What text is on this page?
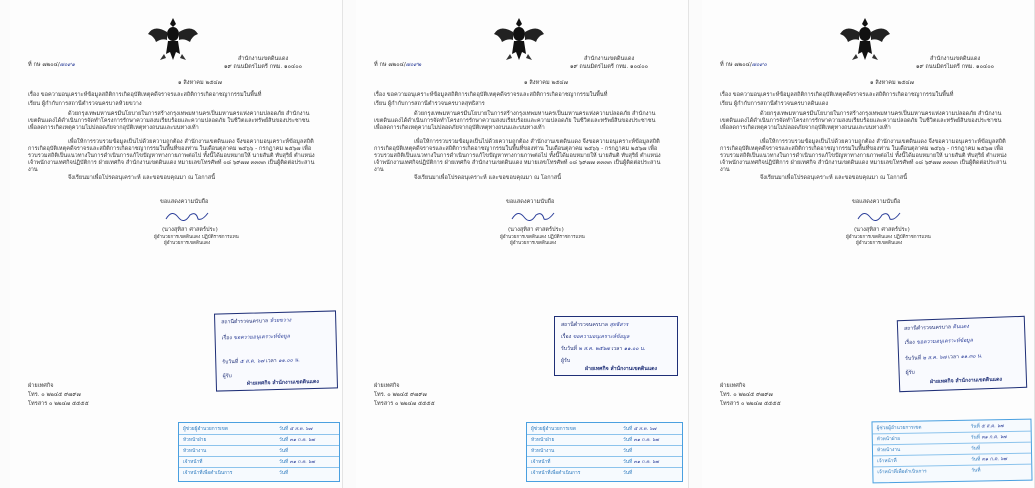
ที่ กษ ๗๒๐๔/๗๐๙๑
สำนักงานเขตดินแดง
๑๙ ถนนมิตรไมตรี กทม. ๑๐๔๐๐
๑ สิงหาคม ๒๕๔๗
เรื่อง ขอความอนุเคราะห์ข้อมูลสถิติการเกิดอุบัติเหตุคดีจราจรและสถิติการเกิดอาชญากรรมในพื้นที่
เรียน ผู้กำกับการสถานีตำรวจนครบาลห้วยขวาง
ด้วยกรุงเทพมหานครมีนโยบายในการสร้างกรุงเทพมหานครเป็นมหานครแห่งความปลอดภัย สำนักงานเขตดินแดงได้ดำเนินการจัดทำโครงการรักษาความสงบเรียบร้อยและความปลอดภัย ในชีวิตและทรัพย์สินของประชาชน เพื่อลดการเกิดเหตุความไม่ปลอดภัยจากอุบัติเหตุทางถนนและบนทางเท้า
เพื่อให้การรวบรวมข้อมูลเป็นไปด้วยความถูกต้อง สำนักงานเขตดินแดง จึงขอความอนุเคราะห์ข้อมูลสถิติการเกิดอุบัติเหตุคดีจราจรและสถิติการเกิดอาชญากรรมในพื้นที่ของท่าน ในเดือนตุลาคม ๒๕๖๖ - กรกฎาคม ๒๕๖๗ เพื่อรวบรวมสถิติเป็นแนวทางในการดำเนินการแก้ไขปัญหาทางกายภาพต่อไป ทั้งนี้ได้มอบหมายให้ นายสันติ ทับสุริย์ ตำแหน่งเจ้าพนักงานเทศกิจปฏิบัติการ ฝ่ายเทศกิจ สำนักงานเขตดินแดง หมายเลขโทรศัพท์ ๐๘ ๖๙๗๗ ๓๓๓๓ เป็นผู้ติดต่อประสานงาน
จึงเรียนมาเพื่อโปรดอนุเคราะห์ และขอขอบคุณมา ณ โอกาสนี้
ขอแสดงความนับถือ
(นางสุทิสา ศาสตร์ประ)
ผู้อำนวยการเขตดินแดง ปฏิบัติราชการแทน
ผู้อำนวยการเขตดินแดง
สถานีตำรวจนครบาล ห้วยขวาง
เรื่อง ขอความอนุเคราะห์ข้อมูล
รับวันที่ ๕ ส.ค. ๖๗ เวลา ๑๑.๐๐ น.
ผู้รับ
ฝ่ายเทศกิจ สำนักงานเขตดินแดง
ฝ่ายเทศกิจ
โทร. ๐ ๒๒๔๕ ๙๗๙๗
โทรสาร ๐ ๒๒๔๗ ๕๕๕๕
ผู้ช่วยผู้อำนวยการเขต	วันที่ ๕ ส.ค. ๖๗
หัวหน้าฝ่าย	วันที่ ๓๑ ก.ค. ๖๗
หัวหน้างาน	วันที่
เจ้าหน้าที่	วันที่ ๓๑ ก.ค. ๖๗
เจ้าหน้าที่เพื่อดำเนินการ	วันที่
ที่ กษ ๗๒๐๔/๗๐๙๒
สำนักงานเขตดินแดง
๑๙ ถนนมิตรไมตรี กทม. ๑๐๔๐๐
๑ สิงหาคม ๒๕๔๗
เรื่อง ขอความอนุเคราะห์ข้อมูลสถิติการเกิดอุบัติเหตุคดีจราจรและสถิติการเกิดอาชญากรรมในพื้นที่
เรียน ผู้กำกับการสถานีตำรวจนครบาลสุทธิสาร
ด้วยกรุงเทพมหานครมีนโยบายในการสร้างกรุงเทพมหานครเป็นมหานครแห่งความปลอดภัย สำนักงานเขตดินแดงได้ดำเนินการจัดทำโครงการรักษาความสงบเรียบร้อยและความปลอดภัย ในชีวิตและทรัพย์สินของประชาชน เพื่อลดการเกิดเหตุความไม่ปลอดภัยจากอุบัติเหตุทางถนนและบนทางเท้า
เพื่อให้การรวบรวมข้อมูลเป็นไปด้วยความถูกต้อง สำนักงานเขตดินแดง จึงขอความอนุเคราะห์ข้อมูลสถิติการเกิดอุบัติเหตุคดีจราจรและสถิติการเกิดอาชญากรรมในพื้นที่ของท่าน ในเดือนตุลาคม ๒๕๖๖ - กรกฎาคม ๒๕๖๗ เพื่อรวบรวมสถิติเป็นแนวทางในการดำเนินการแก้ไขปัญหาทางกายภาพต่อไป ทั้งนี้ได้มอบหมายให้ นายสันติ ทับสุริย์ ตำแหน่งเจ้าพนักงานเทศกิจปฏิบัติการ ฝ่ายเทศกิจ สำนักงานเขตดินแดง หมายเลขโทรศัพท์ ๐๘ ๖๙๗๗ ๓๓๓๓ เป็นผู้ติดต่อประสานงาน
จึงเรียนมาเพื่อโปรดอนุเคราะห์ และขอขอบคุณมา ณ โอกาสนี้
ขอแสดงความนับถือ
(นางสุทิสา ศาสตร์ประ)
ผู้อำนวยการเขตดินแดง ปฏิบัติราชการแทน
ผู้อำนวยการเขตดินแดง
สถานีตำรวจนครบาล สุทธิสาร
เรื่อง ขอความอนุเคราะห์ข้อมูล
รับวันที่ ๒ ส.ค. ๒๕๖๗ เวลา ๑๑.๐๐ น.
ผู้รับ
ฝ่ายเทศกิจ สำนักงานเขตดินแดง
ฝ่ายเทศกิจ
โทร. ๐ ๒๒๔๕ ๙๗๙๗
โทรสาร ๐ ๒๒๔๗ ๕๕๕๕
ผู้ช่วยผู้อำนวยการเขต	วันที่ ๕ ส.ค. ๖๗
หัวหน้าฝ่าย	วันที่ ๓๑ ก.ค. ๖๗
หัวหน้างาน	วันที่
เจ้าหน้าที่	วันที่ ๓๑ ก.ค. ๖๗
เจ้าหน้าที่เพื่อดำเนินการ	วันที่
ที่ กษ ๗๒๐๔/๗๐๙๐
สำนักงานเขตดินแดง
๑๙ ถนนมิตรไมตรี กทม. ๑๐๔๐๐
๑ สิงหาคม ๒๕๔๗
เรื่อง ขอความอนุเคราะห์ข้อมูลสถิติการเกิดอุบัติเหตุคดีจราจรและสถิติการเกิดอาชญากรรมในพื้นที่
เรียน ผู้กำกับการสถานีตำรวจนครบาลดินแดง
ด้วยกรุงเทพมหานครมีนโยบายในการสร้างกรุงเทพมหานครเป็นมหานครแห่งความปลอดภัย สำนักงานเขตดินแดงได้ดำเนินการจัดทำโครงการรักษาความสงบเรียบร้อยและความปลอดภัย ในชีวิตและทรัพย์สินของประชาชน เพื่อลดการเกิดเหตุความไม่ปลอดภัยจากอุบัติเหตุทางถนนและบนทางเท้า
เพื่อให้การรวบรวมข้อมูลเป็นไปด้วยความถูกต้อง สำนักงานเขตดินแดง จึงขอความอนุเคราะห์ข้อมูลสถิติการเกิดอุบัติเหตุคดีจราจรและสถิติการเกิดอาชญากรรมในพื้นที่ของท่าน ในเดือนตุลาคม ๒๕๖๖ - กรกฎาคม ๒๕๖๗ เพื่อรวบรวมสถิติเป็นแนวทางในการดำเนินการแก้ไขปัญหาทางกายภาพต่อไป ทั้งนี้ได้มอบหมายให้ นายสันติ ทับสุริย์ ตำแหน่งเจ้าพนักงานเทศกิจปฏิบัติการ ฝ่ายเทศกิจ สำนักงานเขตดินแดง หมายเลขโทรศัพท์ ๐๘ ๖๙๗๗ ๓๓๓๓ เป็นผู้ติดต่อประสานงาน
จึงเรียนมาเพื่อโปรดอนุเคราะห์ และขอขอบคุณมา ณ โอกาสนี้
ขอแสดงความนับถือ
(นางสุทิสา ศาสตร์ประ)
ผู้อำนวยการเขตดินแดง ปฏิบัติราชการแทน
ผู้อำนวยการเขตดินแดง
สถานีตำรวจนครบาล ดินแดง
เรื่อง ขอความอนุเคราะห์ข้อมูล
รับวันที่ ๒ ส.ค. ๖๗ เวลา ๑๑.๓๐ น.
ผู้รับ
ฝ่ายเทศกิจ สำนักงานเขตดินแดง
ฝ่ายเทศกิจ
โทร. ๐ ๒๒๔๕ ๙๗๙๗
โทรสาร ๐ ๒๒๔๗ ๕๕๕๕
ผู้ช่วยผู้อำนวยการเขต	วันที่ ๕ ส.ค. ๖๗
หัวหน้าฝ่าย	วันที่ ๓๑ ก.ค. ๖๗
หัวหน้างาน	วันที่
เจ้าหน้าที่	วันที่ ๓๑ ก.ค. ๖๗
เจ้าหน้าที่เพื่อดำเนินการ	วันที่
